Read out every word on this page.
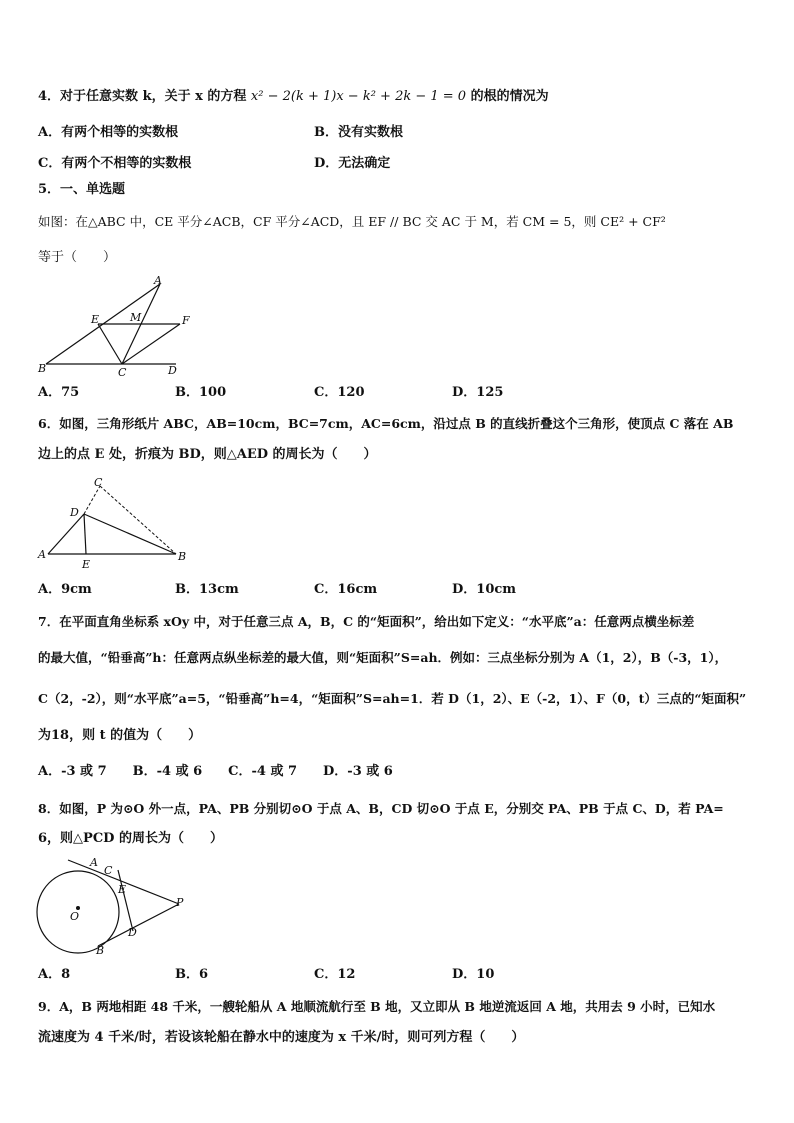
4．对于任意实数 k，关于 x 的方程 x² − 2(k + 1)x − k² + 2k − 1 = 0 的根的情况为
A．有两个相等的实数根	B．没有实数根
C．有两个不相等的实数根	D．无法确定
5．一、单选题
如图：在△ABC 中，CE 平分∠ACB，CF 平分∠ACD，且 EF // BC 交 AC 于 M，若 CM = 5，则 CE² + CF²
等于（　　）
A
E	M	F
B	C	D
A．75	B．100	C．120	D．125
6．如图，三角形纸片 ABC，AB=10cm，BC=7cm，AC=6cm，沿过点 B 的直线折叠这个三角形，使顶点 C 落在 AB
边上的点 E 处，折痕为 BD，则△AED 的周长为（　　）
C
D
A
E
B
A．9cm	B．13cm	C．16cm	D．10cm
7．在平面直角坐标系 xOy 中，对于任意三点 A，B，C 的“矩面积”，给出如下定义：“水平底”a：任意两点横坐标差
的最大值，“铅垂高”h：任意两点纵坐标差的最大值，则“矩面积”S=ah．例如：三点坐标分别为 A（1，2），B（-3，1），
C（2，-2），则“水平底”a=5，“铅垂高”h=4，“矩面积”S=ah=1．若 D（1，2）、E（-2，1）、F（0，t）三点的“矩面积”
为18，则 t 的值为（　　）
A．-3 或 7　　B．-4 或 6　　C．-4 或 7　　D．-3 或 6
8．如图，P 为⊙O 外一点，PA、PB 分别切⊙O 于点 A、B，CD 切⊙O 于点 E，分别交 PA、PB 于点 C、D，若 PA=
6，则△PCD 的周长为（　　）
A
C
E
O
P
D
B
A．8	B．6	C．12	D．10
9．A，B 两地相距 48 千米，一艘轮船从 A 地顺流航行至 B 地，又立即从 B 地逆流返回 A 地，共用去 9 小时，已知水
流速度为 4 千米/时，若设该轮船在静水中的速度为 x 千米/时，则可列方程（　　）
